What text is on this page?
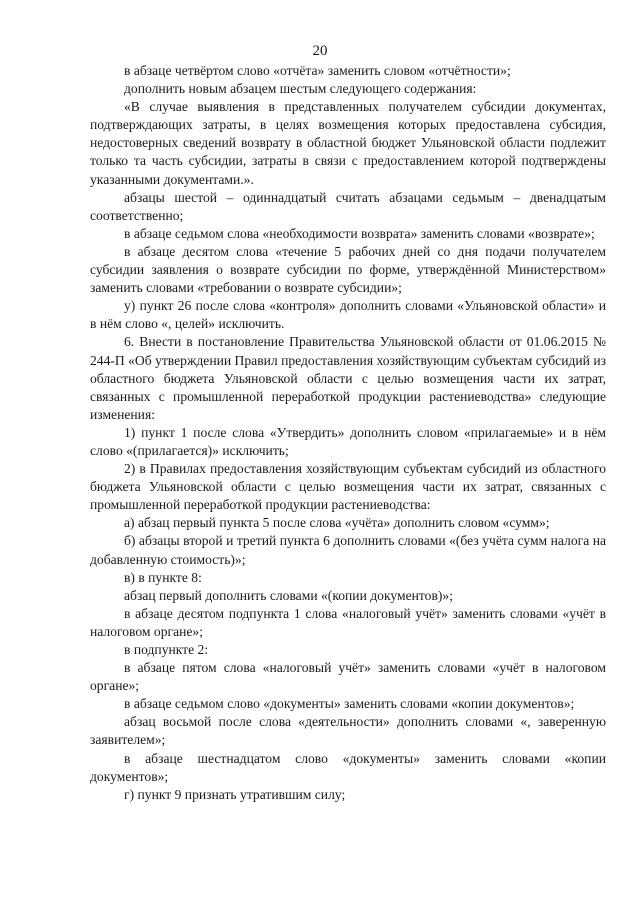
20

в абзаце четвёртом слово «отчёта» заменить словом «отчётности»;

дополнить новым абзацем шестым следующего содержания:

«В случае выявления в представленных получателем субсидии документах, подтверждающих затраты, в целях возмещения которых предоставлена субсидия, недостоверных сведений возврату в областной бюджет Ульяновской области подлежит только та часть субсидии, затраты в связи с предоставлением которой подтверждены указанными документами.».

абзацы шестой – одиннадцатый считать абзацами седьмым – двенадцатым соответственно;

в абзаце седьмом слова «необходимости возврата» заменить словами «возврате»;

в абзаце десятом слова «течение 5 рабочих дней со дня подачи получателем субсидии заявления о возврате субсидии по форме, утверждённой Министерством» заменить словами «требовании о возврате субсидии»;

у) пункт 26 после слова «контроля» дополнить словами «Ульяновской области» и в нём слово «, целей» исключить.

6. Внести в постановление Правительства Ульяновской области от 01.06.2015 № 244-П «Об утверждении Правил предоставления хозяйствующим субъектам субсидий из областного бюджета Ульяновской области с целью возмещения части их затрат, связанных с промышленной переработкой продукции растениеводства» следующие изменения:

1) пункт 1 после слова «Утвердить» дополнить словом «прилагаемые» и в нём слово «(прилагается)» исключить;

2) в Правилах предоставления хозяйствующим субъектам субсидий из областного бюджета Ульяновской области с целью возмещения части их затрат, связанных с промышленной переработкой продукции растениеводства:

а) абзац первый пункта 5 после слова «учёта» дополнить словом «сумм»;

б) абзацы второй и третий пункта 6 дополнить словами «(без учёта сумм налога на добавленную стоимость)»;

в) в пункте 8:

абзац первый дополнить словами «(копии документов)»;

в абзаце десятом подпункта 1 слова «налоговый учёт» заменить словами «учёт в налоговом органе»;

в подпункте 2:

в абзаце пятом слова «налоговый учёт» заменить словами «учёт в налоговом органе»;

в абзаце седьмом слово «документы» заменить словами «копии документов»;

абзац восьмой после слова «деятельности» дополнить словами «, заверенную заявителем»;

в абзаце шестнадцатом слово «документы» заменить словами «копии документов»;

г) пункт 9 признать утратившим силу;
